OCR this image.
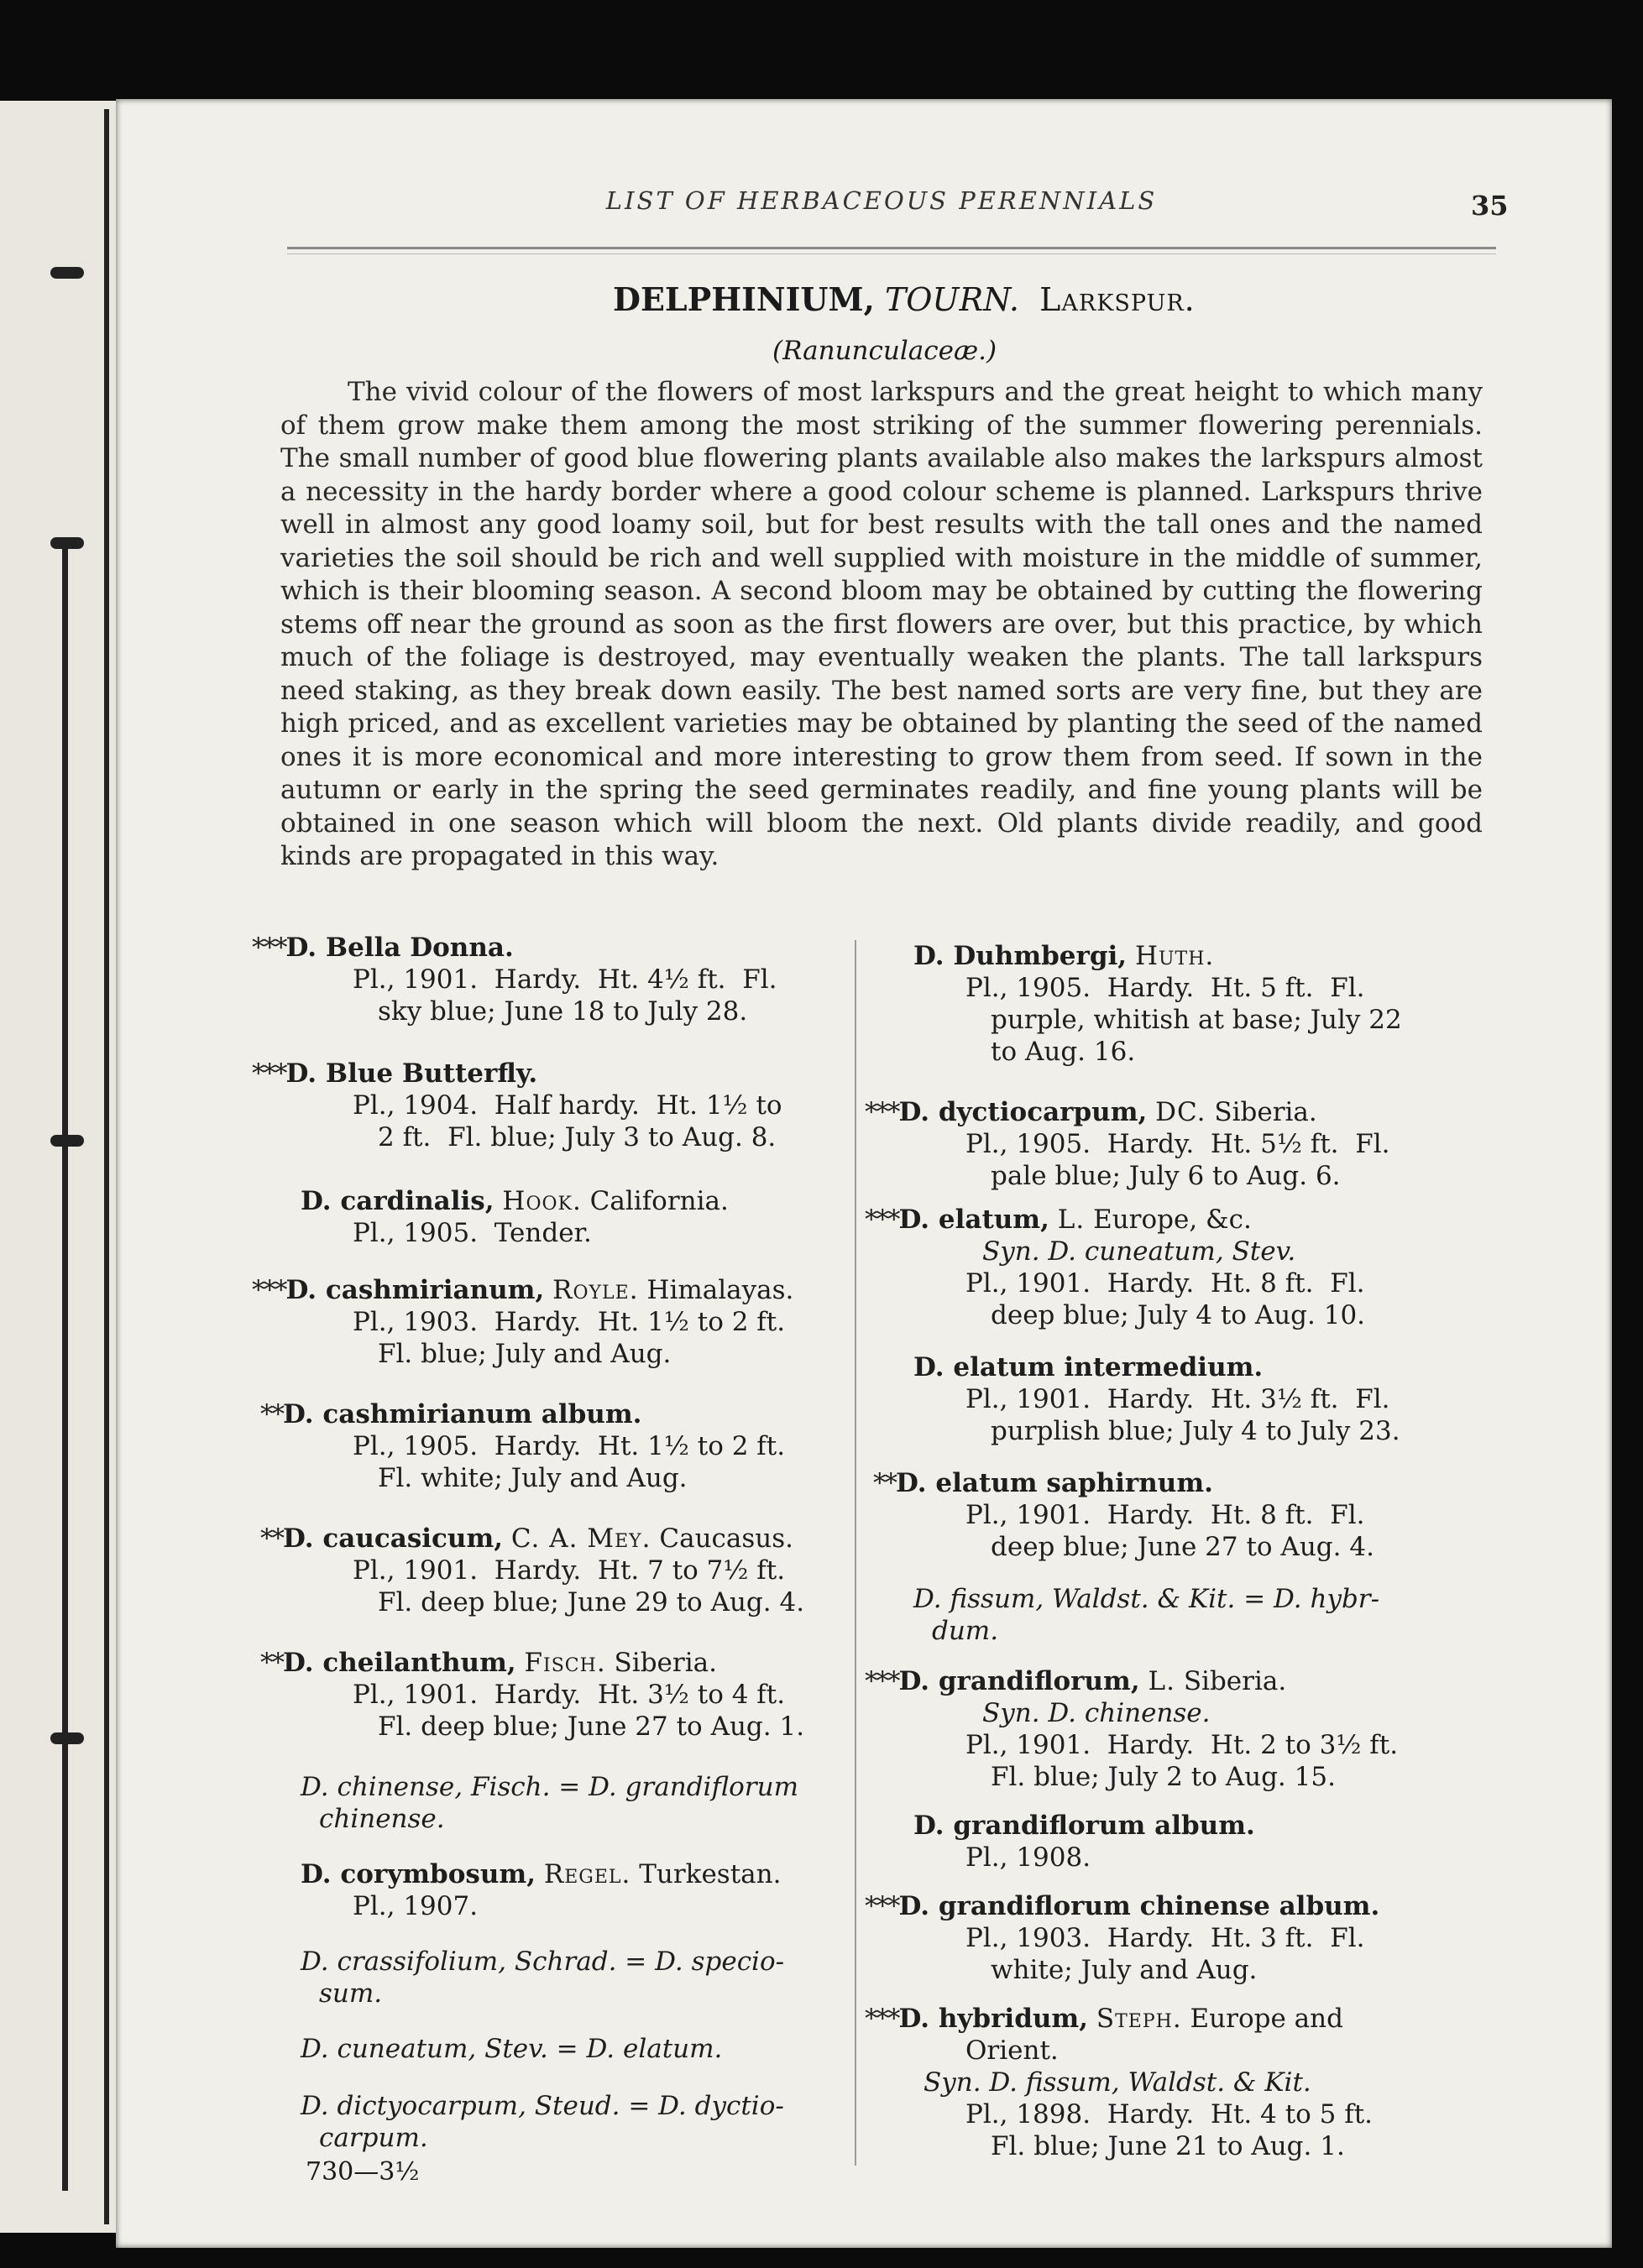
LIST OF HERBACEOUS PERENNIALS	35
DELPHINIUM, TOURN. Larkspur.
(Ranunculaceæ.)
The vivid colour of the flowers of most larkspurs and the great height to which many of them grow make them among the most striking of the summer flowering perennials. The small number of good blue flowering plants available also makes the larkspurs almost a necessity in the hardy border where a good colour scheme is planned. Larkspurs thrive well in almost any good loamy soil, but for best results with the tall ones and the named varieties the soil should be rich and well supplied with moisture in the middle of summer, which is their blooming season. A second bloom may be obtained by cutting the flowering stems off near the ground as soon as the first flowers are over, but this practice, by which much of the foliage is destroyed, may eventually weaken the plants. The tall larkspurs need staking, as they break down easily. The best named sorts are very fine, but they are high priced, and as excellent varieties may be obtained by planting the seed of the named ones it is more economical and more interesting to grow them from seed. If sown in the autumn or early in the spring the seed germinates readily, and fine young plants will be obtained in one season which will bloom the next. Old plants divide readily, and good kinds are propagated in this way.
***D. Bella Donna.
Pl., 1901.  Hardy.  Ht. 4½ ft.  Fl.
sky blue; June 18 to July 28.
***D. Blue Butterfly.
Pl., 1904.  Half hardy.  Ht. 1½ to
2 ft.  Fl. blue; July 3 to Aug. 8.
D. cardinalis, Hook. California.
Pl., 1905.  Tender.
***D. cashmirianum, Royle. Himalayas.
Pl., 1903.  Hardy.  Ht. 1½ to 2 ft.
Fl. blue; July and Aug.
**D. cashmirianum album.
Pl., 1905.  Hardy.  Ht. 1½ to 2 ft.
Fl. white; July and Aug.
**D. caucasicum, C. A. Mey. Caucasus.
Pl., 1901.  Hardy.  Ht. 7 to 7½ ft.
Fl. deep blue; June 29 to Aug. 4.
**D. cheilanthum, Fisch. Siberia.
Pl., 1901.  Hardy.  Ht. 3½ to 4 ft.
Fl. deep blue; June 27 to Aug. 1.
D. chinense, Fisch. = D. grandiflorum
chinense.
D. corymbosum, Regel. Turkestan.
Pl., 1907.
D. crassifolium, Schrad. = D. specio-
sum.
D. cuneatum, Stev. = D. elatum.
D. dictyocarpum, Steud. = D. dyctio-
carpum.
D. Duhmbergi, Huth.
Pl., 1905.  Hardy.  Ht. 5 ft.  Fl.
purple, whitish at base; July 22
to Aug. 16.
***D. dyctiocarpum, DC. Siberia.
Pl., 1905.  Hardy.  Ht. 5½ ft.  Fl.
pale blue; July 6 to Aug. 6.
***D. elatum, L. Europe, &c.
Syn. D. cuneatum, Stev.
Pl., 1901.  Hardy.  Ht. 8 ft.  Fl.
deep blue; July 4 to Aug. 10.
D. elatum intermedium.
Pl., 1901.  Hardy.  Ht. 3½ ft.  Fl.
purplish blue; July 4 to July 23.
**D. elatum saphirnum.
Pl., 1901.  Hardy.  Ht. 8 ft.  Fl.
deep blue; June 27 to Aug. 4.
D. fissum, Waldst. & Kit. = D. hybr-
dum.
***D. grandiflorum, L. Siberia.
Syn. D. chinense.
Pl., 1901.  Hardy.  Ht. 2 to 3½ ft.
Fl. blue; July 2 to Aug. 15.
D. grandiflorum album.
Pl., 1908.
***D. grandiflorum chinense album.
Pl., 1903.  Hardy.  Ht. 3 ft.  Fl.
white; July and Aug.
***D. hybridum, Steph. Europe and
Orient.
Syn. D. fissum, Waldst. & Kit.
Pl., 1898.  Hardy.  Ht. 4 to 5 ft.
Fl. blue; June 21 to Aug. 1.
730—3½
